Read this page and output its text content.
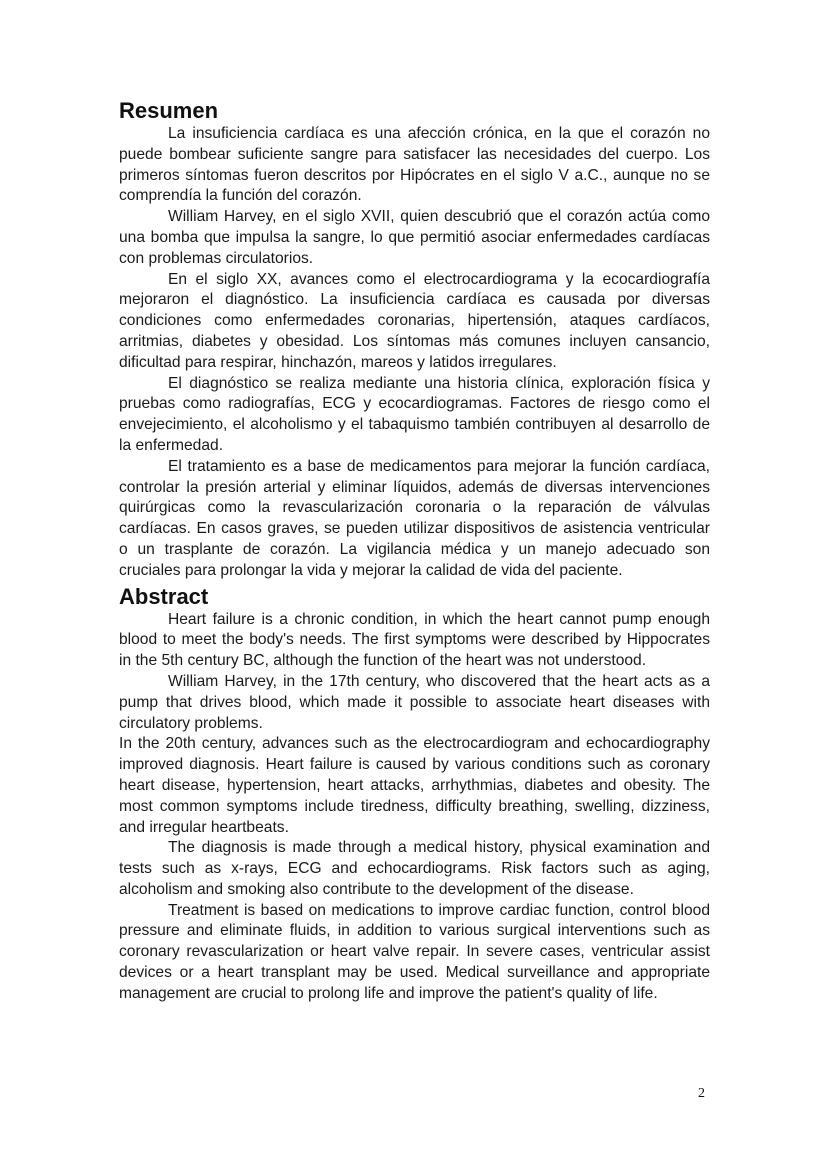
Resumen

La insuficiencia cardíaca es una afección crónica, en la que el corazón no puede bombear suficiente sangre para satisfacer las necesidades del cuerpo. Los primeros síntomas fueron descritos por Hipócrates en el siglo V a.C., aunque no se comprendía la función del corazón.

William Harvey, en el siglo XVII, quien descubrió que el corazón actúa como una bomba que impulsa la sangre, lo que permitió asociar enfermedades cardíacas con problemas circulatorios.

En el siglo XX, avances como el electrocardiograma y la ecocardiografía mejoraron el diagnóstico. La insuficiencia cardíaca es causada por diversas condiciones como enfermedades coronarias, hipertensión, ataques cardíacos, arritmias, diabetes y obesidad. Los síntomas más comunes incluyen cansancio, dificultad para respirar, hinchazón, mareos y latidos irregulares.

El diagnóstico se realiza mediante una historia clínica, exploración física y pruebas como radiografías, ECG y ecocardiogramas. Factores de riesgo como el envejecimiento, el alcoholismo y el tabaquismo también contribuyen al desarrollo de la enfermedad.

El tratamiento es a base de medicamentos para mejorar la función cardíaca, controlar la presión arterial y eliminar líquidos, además de diversas intervenciones quirúrgicas como la revascularización coronaria o la reparación de válvulas cardíacas. En casos graves, se pueden utilizar dispositivos de asistencia ventricular o un trasplante de corazón. La vigilancia médica y un manejo adecuado son cruciales para prolongar la vida y mejorar la calidad de vida del paciente.

Abstract

Heart failure is a chronic condition, in which the heart cannot pump enough blood to meet the body's needs. The first symptoms were described by Hippocrates in the 5th century BC, although the function of the heart was not understood.

William Harvey, in the 17th century, who discovered that the heart acts as a pump that drives blood, which made it possible to associate heart diseases with circulatory problems.

In the 20th century, advances such as the electrocardiogram and echocardiography improved diagnosis. Heart failure is caused by various conditions such as coronary heart disease, hypertension, heart attacks, arrhythmias, diabetes and obesity. The most common symptoms include tiredness, difficulty breathing, swelling, dizziness, and irregular heartbeats.

The diagnosis is made through a medical history, physical examination and tests such as x-rays, ECG and echocardiograms. Risk factors such as aging, alcoholism and smoking also contribute to the development of the disease.

Treatment is based on medications to improve cardiac function, control blood pressure and eliminate fluids, in addition to various surgical interventions such as coronary revascularization or heart valve repair. In severe cases, ventricular assist devices or a heart transplant may be used. Medical surveillance and appropriate management are crucial to prolong life and improve the patient's quality of life.

2
